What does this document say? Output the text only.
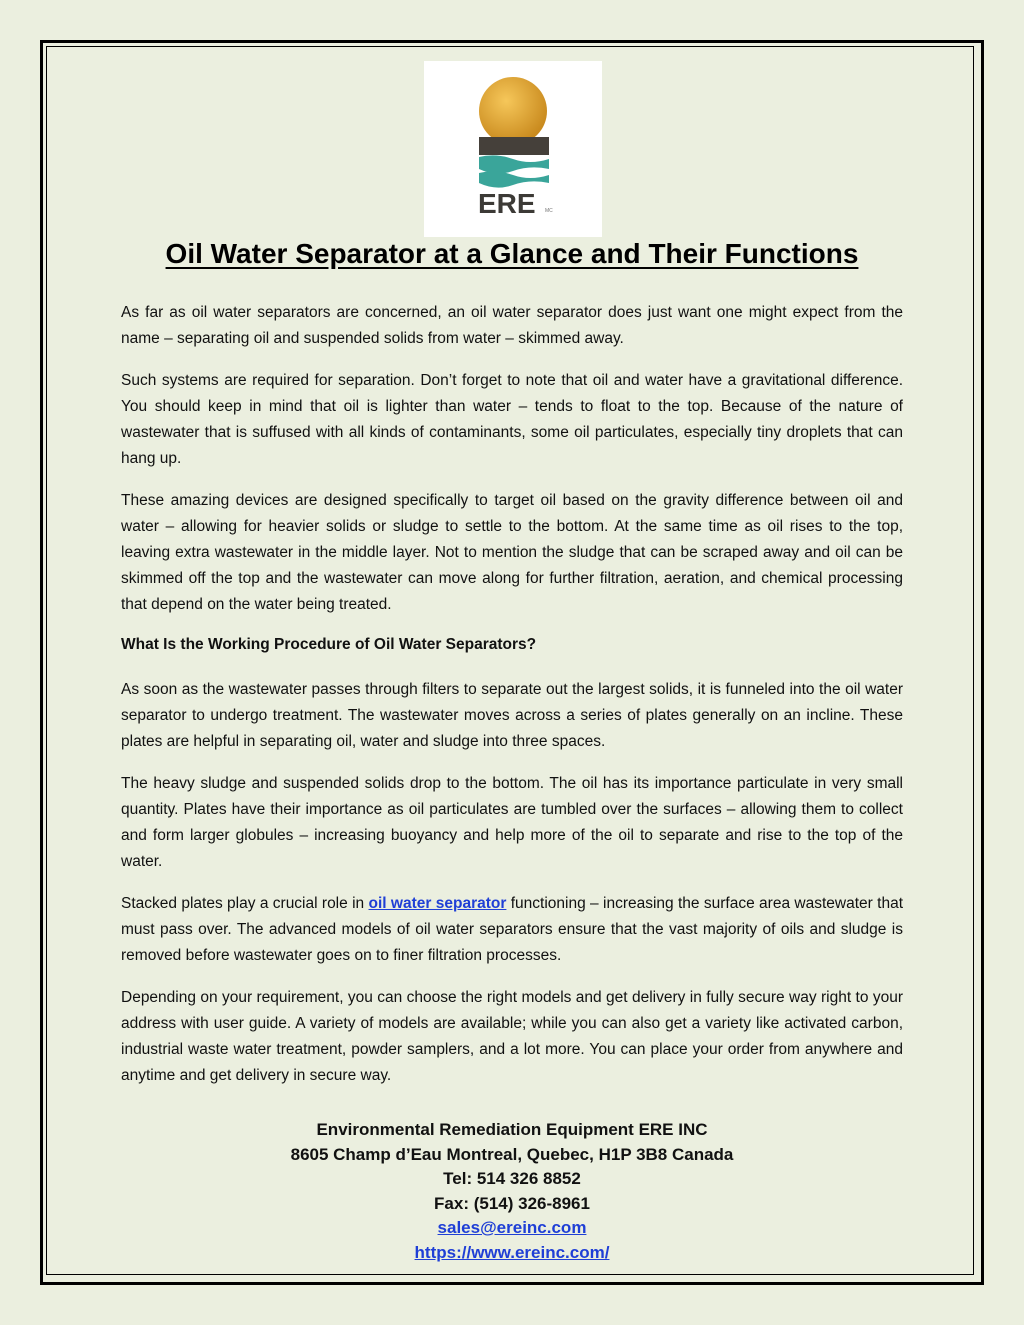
ERE MC
Oil Water Separator at a Glance and Their Functions

As far as oil water separators are concerned, an oil water separator does just want one might expect from the name – separating oil and suspended solids from water – skimmed away.

Such systems are required for separation. Don’t forget to note that oil and water have a gravitational difference. You should keep in mind that oil is lighter than water – tends to float to the top. Because of the nature of wastewater that is suffused with all kinds of contaminants, some oil particulates, especially tiny droplets that can hang up.

These amazing devices are designed specifically to target oil based on the gravity difference between oil and water – allowing for heavier solids or sludge to settle to the bottom. At the same time as oil rises to the top, leaving extra wastewater in the middle layer. Not to mention the sludge that can be scraped away and oil can be skimmed off the top and the wastewater can move along for further filtration, aeration, and chemical processing that depend on the water being treated.

What Is the Working Procedure of Oil Water Separators?

As soon as the wastewater passes through filters to separate out the largest solids, it is funneled into the oil water separator to undergo treatment. The wastewater moves across a series of plates generally on an incline. These plates are helpful in separating oil, water and sludge into three spaces.

The heavy sludge and suspended solids drop to the bottom. The oil has its importance particulate in very small quantity. Plates have their importance as oil particulates are tumbled over the surfaces – allowing them to collect and form larger globules – increasing buoyancy and help more of the oil to separate and rise to the top of the water.

Stacked plates play a crucial role in oil water separator functioning – increasing the surface area wastewater that must pass over. The advanced models of oil water separators ensure that the vast majority of oils and sludge is removed before wastewater goes on to finer filtration processes.

Depending on your requirement, you can choose the right models and get delivery in fully secure way right to your address with user guide. A variety of models are available; while you can also get a variety like activated carbon, industrial waste water treatment, powder samplers, and a lot more. You can place your order from anywhere and anytime and get delivery in secure way.

Environmental Remediation Equipment ERE INC
8605 Champ d’Eau Montreal, Quebec, H1P 3B8 Canada
Tel: 514 326 8852
Fax: (514) 326-8961
sales@ereinc.com
https://www.ereinc.com/
